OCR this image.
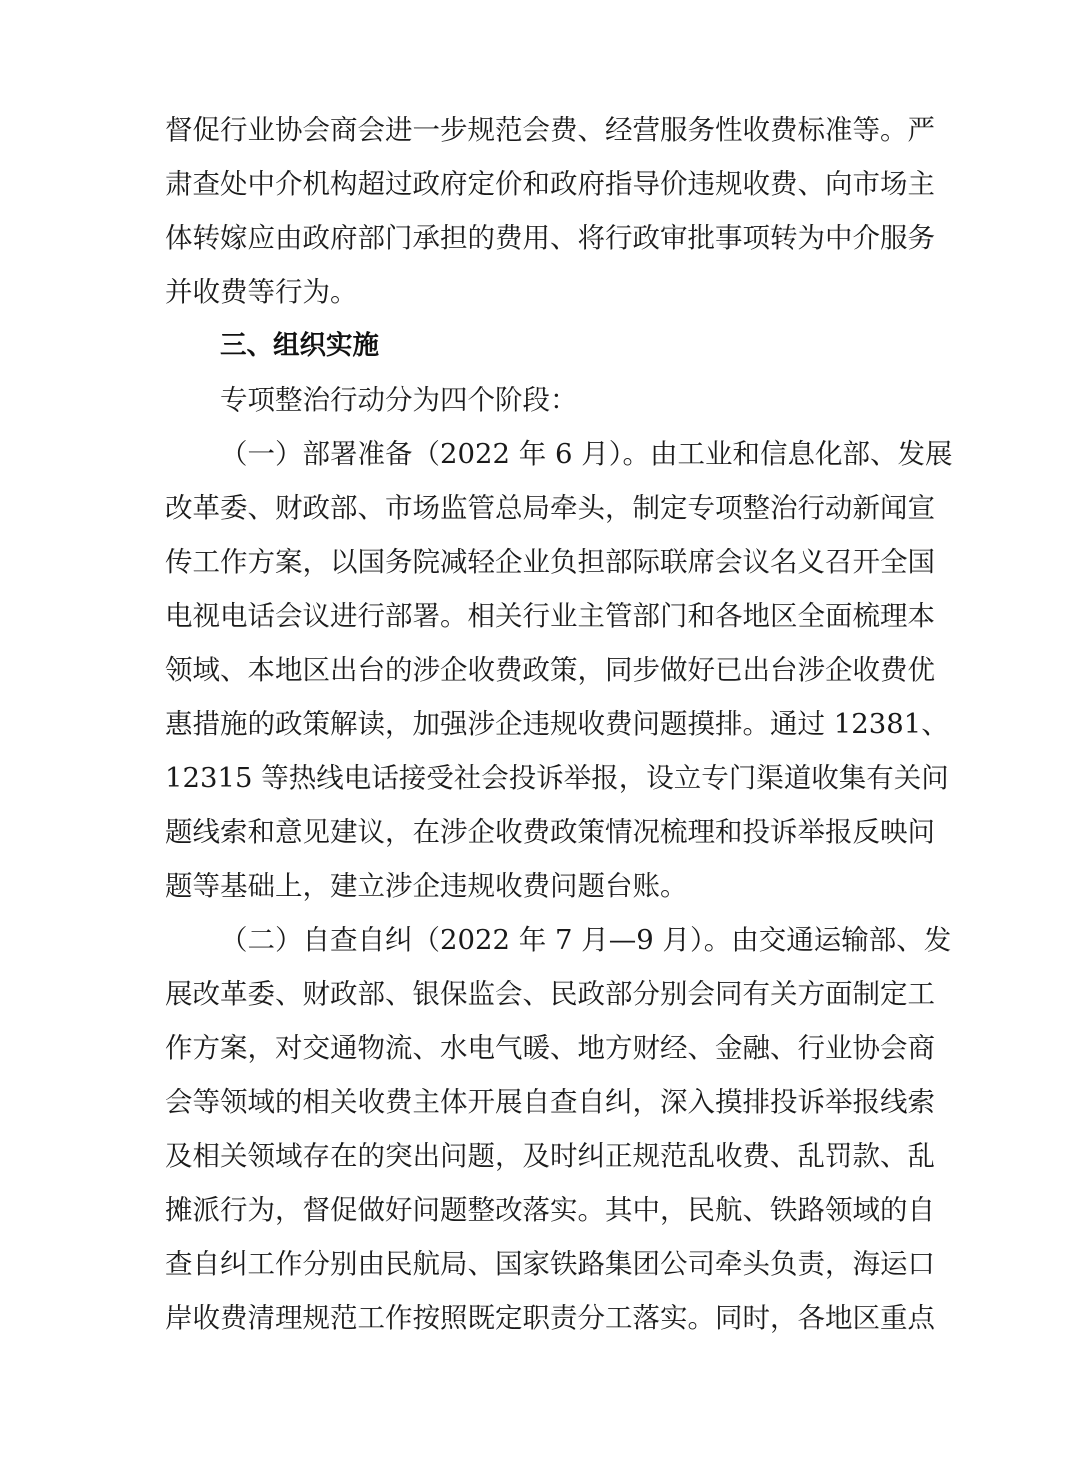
督促行业协会商会进一步规范会费、经营服务性收费标准等。严
肃查处中介机构超过政府定价和政府指导价违规收费、向市场主
体转嫁应由政府部门承担的费用、将行政审批事项转为中介服务
并收费等行为。
三、组织实施
专项整治行动分为四个阶段：
（一）部署准备（2022 年 6 月）。由工业和信息化部、发展
改革委、财政部、市场监管总局牵头，制定专项整治行动新闻宣
传工作方案，以国务院减轻企业负担部际联席会议名义召开全国
电视电话会议进行部署。相关行业主管部门和各地区全面梳理本
领域、本地区出台的涉企收费政策，同步做好已出台涉企收费优
惠措施的政策解读，加强涉企违规收费问题摸排。通过 12381、
12315 等热线电话接受社会投诉举报，设立专门渠道收集有关问
题线索和意见建议，在涉企收费政策情况梳理和投诉举报反映问
题等基础上，建立涉企违规收费问题台账。
（二）自查自纠（2022 年 7 月—9 月）。由交通运输部、发
展改革委、财政部、银保监会、民政部分别会同有关方面制定工
作方案，对交通物流、水电气暖、地方财经、金融、行业协会商
会等领域的相关收费主体开展自查自纠，深入摸排投诉举报线索
及相关领域存在的突出问题，及时纠正规范乱收费、乱罚款、乱
摊派行为，督促做好问题整改落实。其中，民航、铁路领域的自
查自纠工作分别由民航局、国家铁路集团公司牵头负责，海运口
岸收费清理规范工作按照既定职责分工落实。同时，各地区重点
